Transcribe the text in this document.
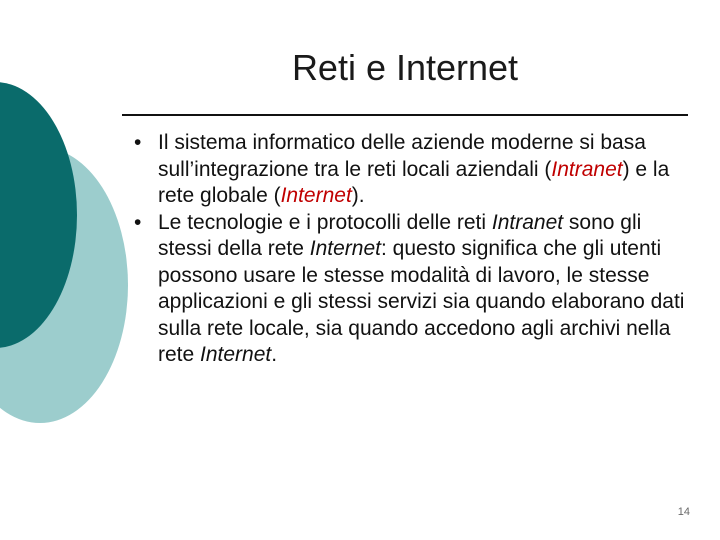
Reti e Internet
• Il sistema informatico delle aziende moderne si basa sull’integrazione tra le reti locali aziendali (Intranet) e la rete globale (Internet).
• Le tecnologie e i protocolli delle reti Intranet sono gli stessi della rete Internet: questo significa che gli utenti possono usare le stesse modalità di lavoro, le stesse applicazioni e gli stessi servizi sia quando elaborano dati sulla rete locale, sia quando accedono agli archivi nella rete Internet.
14
